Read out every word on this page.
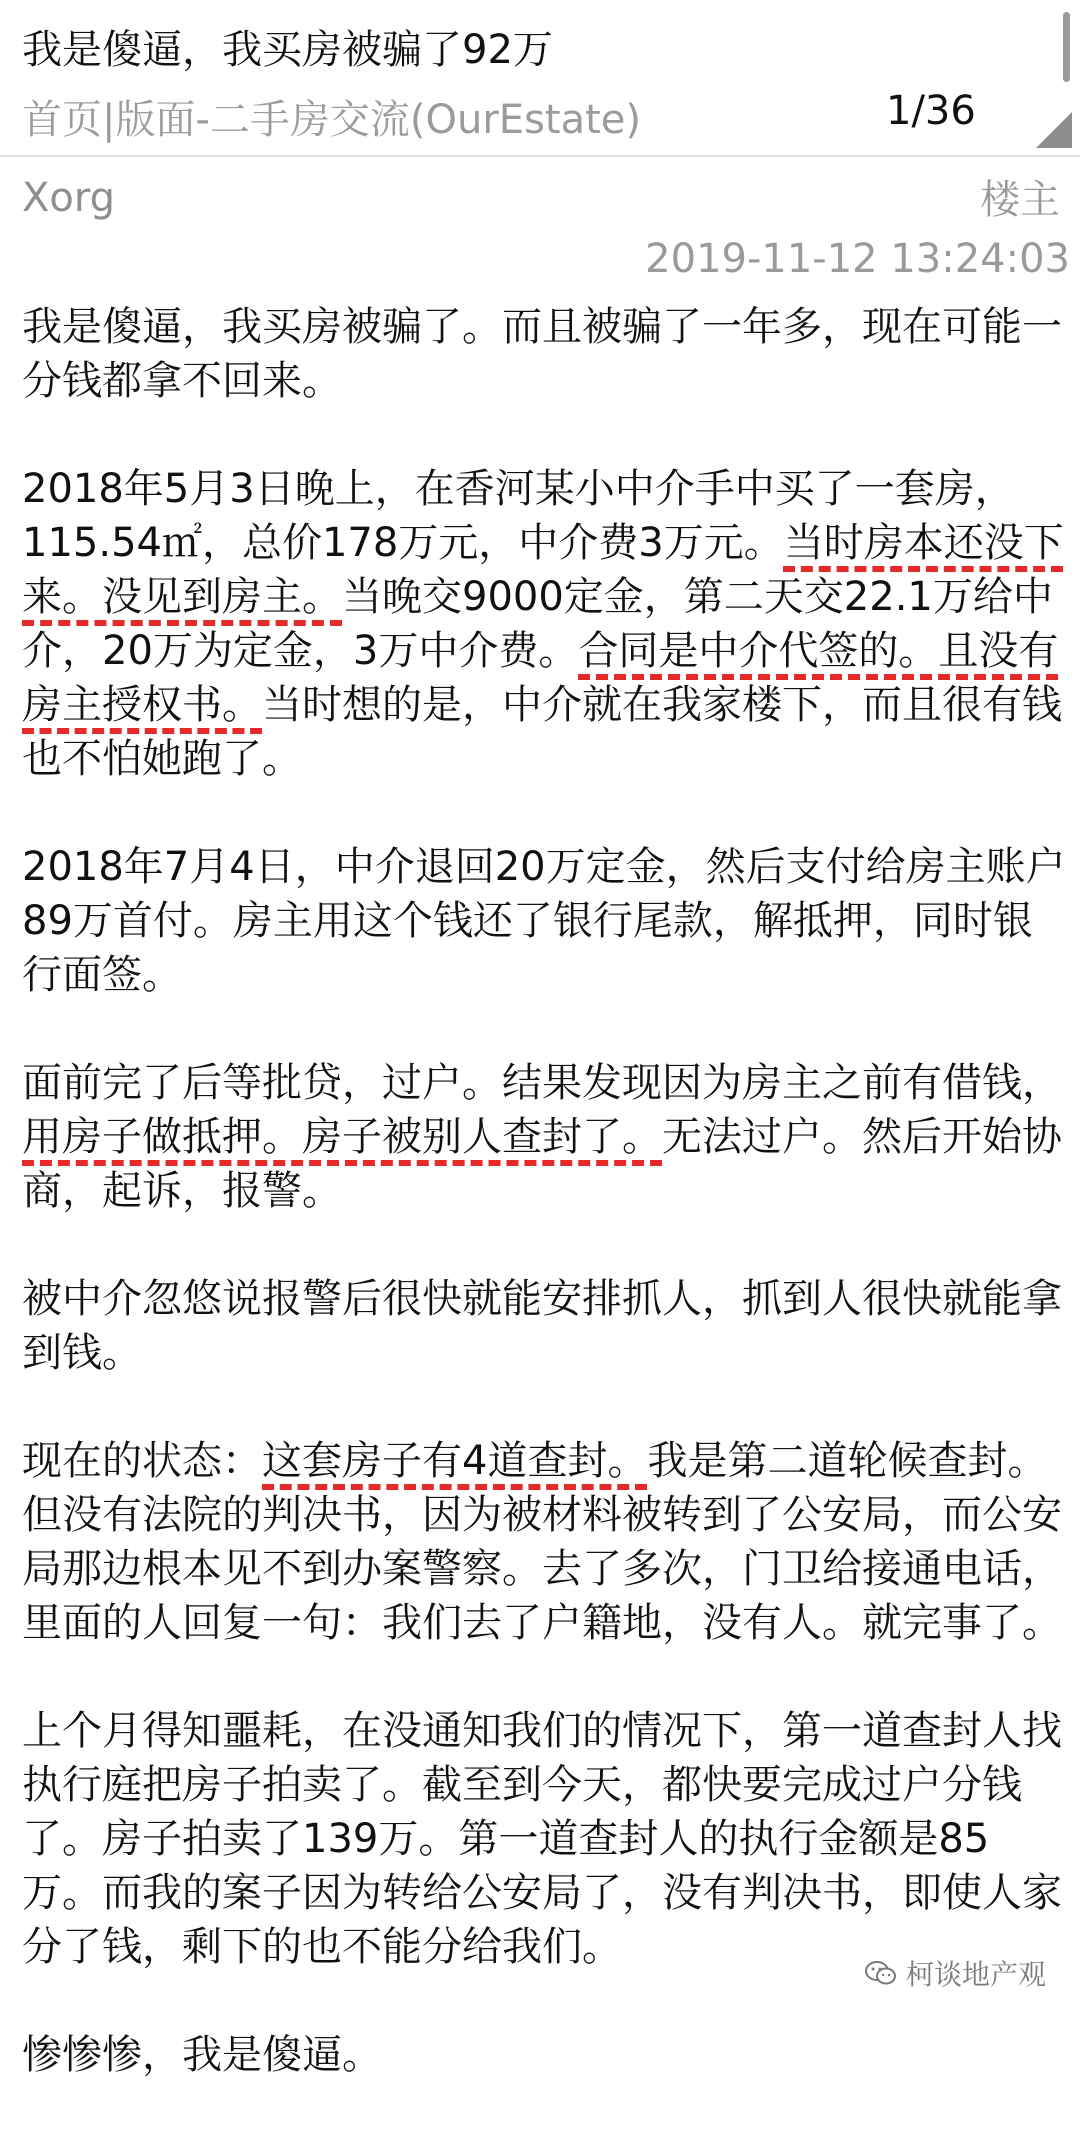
我是傻逼，我买房被骗了92万
首页|版面-二手房交流(OurEstate)	1/36
Xorg	楼主
2019-11-12 13:24:03

我是傻逼，我买房被骗了。而且被骗了一年多，现在可能一分钱都拿不回来。

2018年5月3日晚上，在香河某小中介手中买了一套房，115.54㎡，总价178万元，中介费3万元。当时房本还没下来。没见到房主。当晚交9000定金，第二天交22.1万给中介，20万为定金，3万中介费。合同是中介代签的。且没有房主授权书。当时想的是，中介就在我家楼下，而且很有钱也不怕她跑了。

2018年7月4日，中介退回20万定金，然后支付给房主账户89万首付。房主用这个钱还了银行尾款，解抵押，同时银行面签。

面前完了后等批贷，过户。结果发现因为房主之前有借钱，用房子做抵押。房子被别人查封了。无法过户。然后开始协商，起诉，报警。

被中介忽悠说报警后很快就能安排抓人，抓到人很快就能拿到钱。

现在的状态：这套房子有4道查封。我是第二道轮候查封。但没有法院的判决书，因为被材料被转到了公安局，而公安局那边根本见不到办案警察。去了多次，门卫给接通电话，里面的人回复一句：我们去了户籍地，没有人。就完事了。

上个月得知噩耗，在没通知我们的情况下，第一道查封人找执行庭把房子拍卖了。截至到今天，都快要完成过户分钱了。房子拍卖了139万。第一道查封人的执行金额是85万。而我的案子因为转给公安局了，没有判决书，即使人家分了钱，剩下的也不能分给我们。

惨惨惨，我是傻逼。

柯谈地产观
